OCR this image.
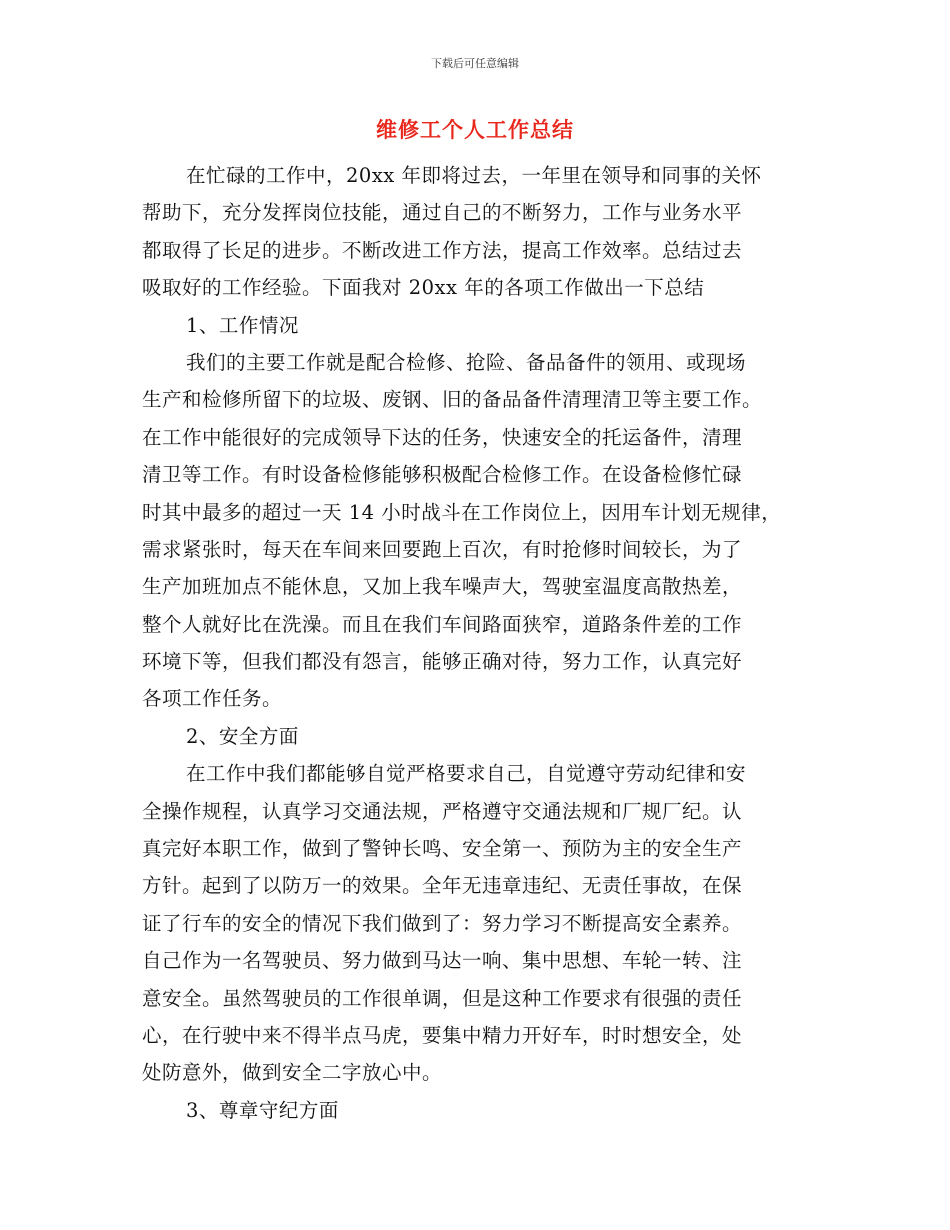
下载后可任意编辑
维修工个人工作总结
在忙碌的工作中，20xx 年即将过去，一年里在领导和同事的关怀
帮助下，充分发挥岗位技能，通过自己的不断努力，工作与业务水平
都取得了长足的进步。不断改进工作方法，提高工作效率。总结过去
吸取好的工作经验。下面我对 20xx 年的各项工作做出一下总结
1、工作情况
我们的主要工作就是配合检修、抢险、备品备件的领用、或现场
生产和检修所留下的垃圾、废钢、旧的备品备件清理清卫等主要工作。
在工作中能很好的完成领导下达的任务，快速安全的托运备件，清理
清卫等工作。有时设备检修能够积极配合检修工作。在设备检修忙碌
时其中最多的超过一天 14 小时战斗在工作岗位上，因用车计划无规律，
需求紧张时，每天在车间来回要跑上百次，有时抢修时间较长，为了
生产加班加点不能休息，又加上我车噪声大，驾驶室温度高散热差，
整个人就好比在洗澡。而且在我们车间路面狭窄，道路条件差的工作
环境下等，但我们都没有怨言，能够正确对待，努力工作，认真完好
各项工作任务。
2、安全方面
在工作中我们都能够自觉严格要求自己，自觉遵守劳动纪律和安
全操作规程，认真学习交通法规，严格遵守交通法规和厂规厂纪。认
真完好本职工作，做到了警钟长鸣、安全第一、预防为主的安全生产
方针。起到了以防万一的效果。全年无违章违纪、无责任事故，在保
证了行车的安全的情况下我们做到了：努力学习不断提高安全素养。
自己作为一名驾驶员、努力做到马达一响、集中思想、车轮一转、注
意安全。虽然驾驶员的工作很单调，但是这种工作要求有很强的责任
心，在行驶中来不得半点马虎，要集中精力开好车，时时想安全，处
处防意外，做到安全二字放心中。
3、尊章守纪方面
